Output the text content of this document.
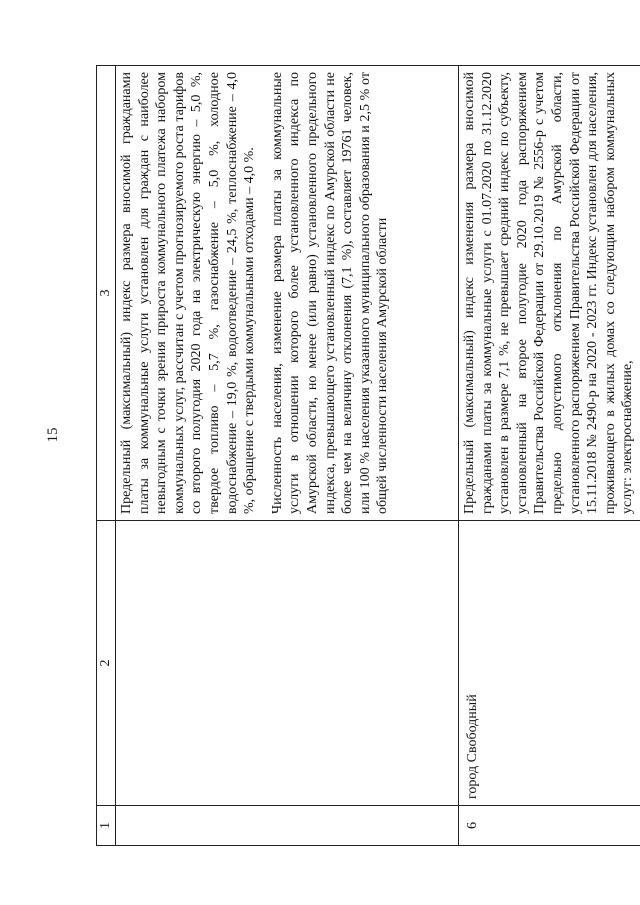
15
1	2	3

		Предельный (максимальный) индекс размера вносимой гражданами платы за коммунальные услуги установлен для граждан с наиболее невыгодным с точки зрения прироста коммунального платежа набором коммунальных услуг, рассчитан с учетом прогнозируемого роста тарифов со второго полугодия 2020 года на электрическую энергию – 5,0 %, твердое топливо – 5,7 %, газоснабжение – 5,0 %, холодное водоснабжение – 19,0 %, водоотведение – 24,5 %, теплоснабжение – 4,0 %, обращение с твердыми коммунальными отходами – 4,0 %. Численность населения, изменение размера платы за коммунальные услуги в отношении которого более установленного индекса по Амурской области, но менее (или равно) установленного предельного индекса, превышающего установленный индекс по Амурской области не более чем на величину отклонения (7,1 %), составляет 19761 человек, или 100 % населения указанного муниципального образования и 2,5 % от общей численности населения Амурской области

6	город Свободный	Предельный (максимальный) индекс изменения размера вносимой гражданами платы за коммунальные услуги с 01.07.2020 по 31.12.2020 установлен в размере 7,1 %, не превышает средний индекс по субъекту, установленный на второе полугодие 2020 года распоряжением Правительства Российской Федерации от 29.10.2019 № 2556-р с учетом предельно допустимого отклонения по Амурской области, установленного распоряжением Правительства Российской Федерации от 15.11.2018 № 2490-р на 2020 - 2023 гг. Индекс установлен для населения, проживающего в жилых домах со следующим набором коммунальных услуг: электроснабжение,
